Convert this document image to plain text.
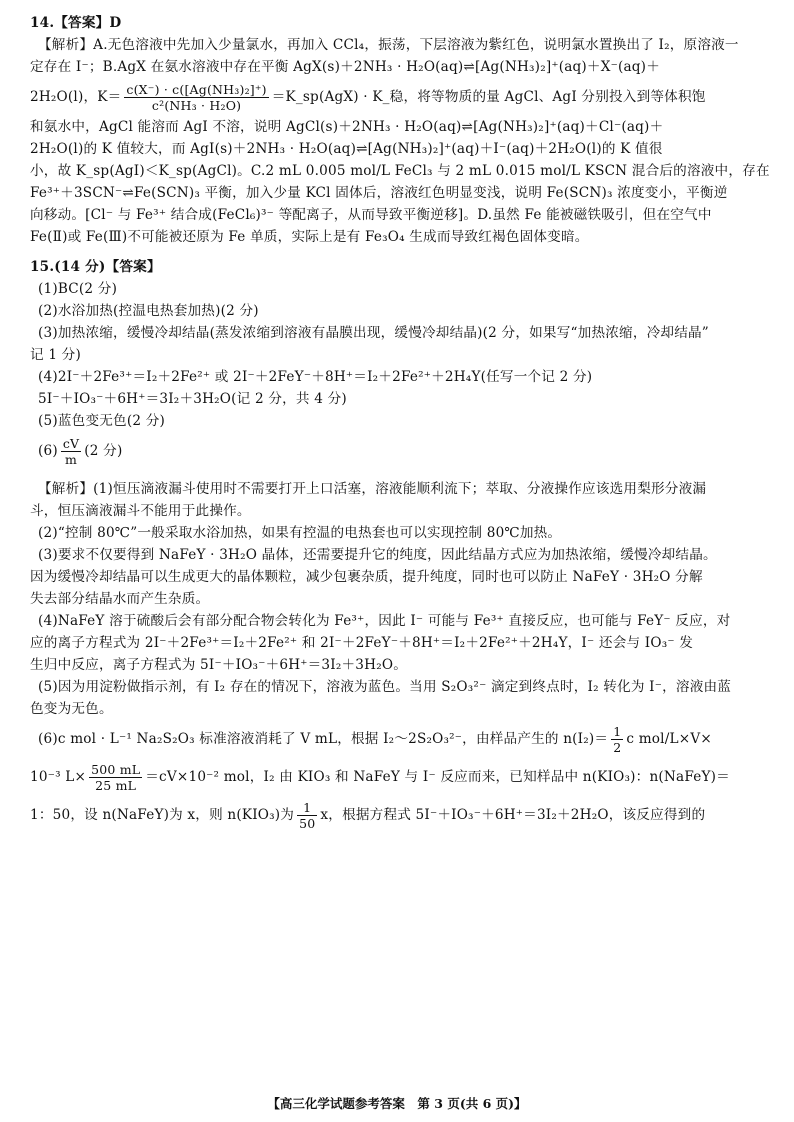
14.【答案】D
【解析】A.无色溶液中先加入少量氯水，再加入 CCl₄，振荡，下层溶液为紫红色，说明氯水置换出了 I₂，原溶液一
定存在 I⁻；B.AgX 在氨水溶液中存在平衡 AgX(s)＋2NH₃ · H₂O(aq)⇌[Ag(NH₃)₂]⁺(aq)＋X⁻(aq)＋
2H₂O(l)，$K= \frac{\text{c(X⁻) · c([Ag(NH₃)₂]⁺)}}{\text{c²(NH₃ · H₂O)}}$ ＝K_sp(AgX) · K_稳，将等物质的量 AgCl、AgI 分别投入到等体积饱
和氨水中，AgCl 能溶而 AgI 不溶，说明 AgCl(s)＋2NH₃ · H₂O(aq)⇌[Ag(NH₃)₂]⁺(aq)＋Cl⁻(aq)＋
2H₂O(l)的 K 值较大，而 AgI(s)＋2NH₃ · H₂O(aq)⇌[Ag(NH₃)₂]⁺(aq)＋I⁻(aq)＋2H₂O(l)的 K 值很
小，故 K_sp(AgI)＜K_sp(AgCl)。C.2 mL 0.005 mol/L FeCl₃ 与 2 mL 0.015 mol/L KSCN 混合后的溶液中，存在
Fe³⁺＋3SCN⁻⇌Fe(SCN)₃ 平衡，加入少量 KCl 固体后，溶液红色明显变浅，说明 Fe(SCN)₃ 浓度变小，平衡逆
向移动。[Cl⁻ 与 Fe³⁺ 结合成(FeCl₆)³⁻ 等配离子，从而导致平衡逆移]。D.虽然 Fe 能被磁铁吸引，但在空气中
Fe(Ⅱ)或 Fe(Ⅲ)不可能被还原为 Fe 单质，实际上是有 Fe₃O₄ 生成而导致红褐色固体变暗。
15.(14 分)【答案】
(1)BC(2 分)
(2)水浴加热(控温电热套加热)(2 分)
(3)加热浓缩，缓慢冷却结晶(蒸发浓缩到溶液有晶膜出现，缓慢冷却结晶)(2 分，如果写“加热浓缩，冷却结晶”
记 1 分)
(4)2I⁻＋2Fe³⁺＝I₂＋2Fe²⁺ 或 2I⁻＋2FeY⁻＋8H⁺＝I₂＋2Fe²⁺＋2H₄Y(任写一个记 2 分)
5I⁻＋IO₃⁻＋6H⁺＝3I₂＋3H₂O(记 2 分，共 4 分)
(5)蓝色变无色(2 分)
$(6) \frac{cV}{m} (2$ 分)
【解析】(1)恒压滴液漏斗使用时不需要打开上口活塞，溶液能顺利流下；萃取、分液操作应该选用梨形分液漏
斗，恒压滴液漏斗不能用于此操作。
(2)“控制 80℃”一般采取水浴加热，如果有控温的电热套也可以实现控制 80℃加热。
(3)要求不仅要得到 NaFeY · 3H₂O 晶体，还需要提升它的纯度，因此结晶方式应为加热浓缩，缓慢冷却结晶。
因为缓慢冷却结晶可以生成更大的晶体颗粒，减少包裹杂质，提升纯度，同时也可以防止 NaFeY · 3H₂O 分解
失去部分结晶水而产生杂质。
(4)NaFeY 溶于硫酸后会有部分配合物会转化为 Fe³⁺，因此 I⁻ 可能与 Fe³⁺ 直接反应，也可能与 FeY⁻ 反应，对
应的离子方程式为 2I⁻＋2Fe³⁺＝I₂＋2Fe²⁺ 和 2I⁻＋2FeY⁻＋8H⁺＝I₂＋2Fe²⁺＋2H₄Y，I⁻ 还会与 IO₃⁻ 发
生归中反应，离子方程式为 5I⁻＋IO₃⁻＋6H⁺＝3I₂＋3H₂O。
(5)因为用淀粉做指示剂，有 I₂ 存在的情况下，溶液为蓝色。当用 S₂O₃²⁻ 滴定到终点时，I₂ 转化为 I⁻，溶液由蓝
色变为无色。
(6)c mol · L⁻¹ Na₂S₂O₃ 标准溶液消耗了 V mL，根据 I₂～2S₂O₃²⁻，由样品产生的 $n(I_2)= \frac{1}{2}$ c mol/L×V×
10⁻³ $L\times \frac{500 mL}{25 mL} =cV\times 10^{-2}$ mol，I₂ 由 KIO₃ 和 NaFeY 与 I⁻ 反应而来，已知样品中 n(KIO₃)：n(NaFeY)＝
1：50，设 n(NaFeY)为 x，则 n(KIO₃)为 $\frac{1}{50}$ x，根据方程式 5I⁻＋IO₃⁻＋6H⁺＝3I₂＋2H₂O，该反应得到的
【高三化学试题参考答案　第 3 页(共 6 页)】
